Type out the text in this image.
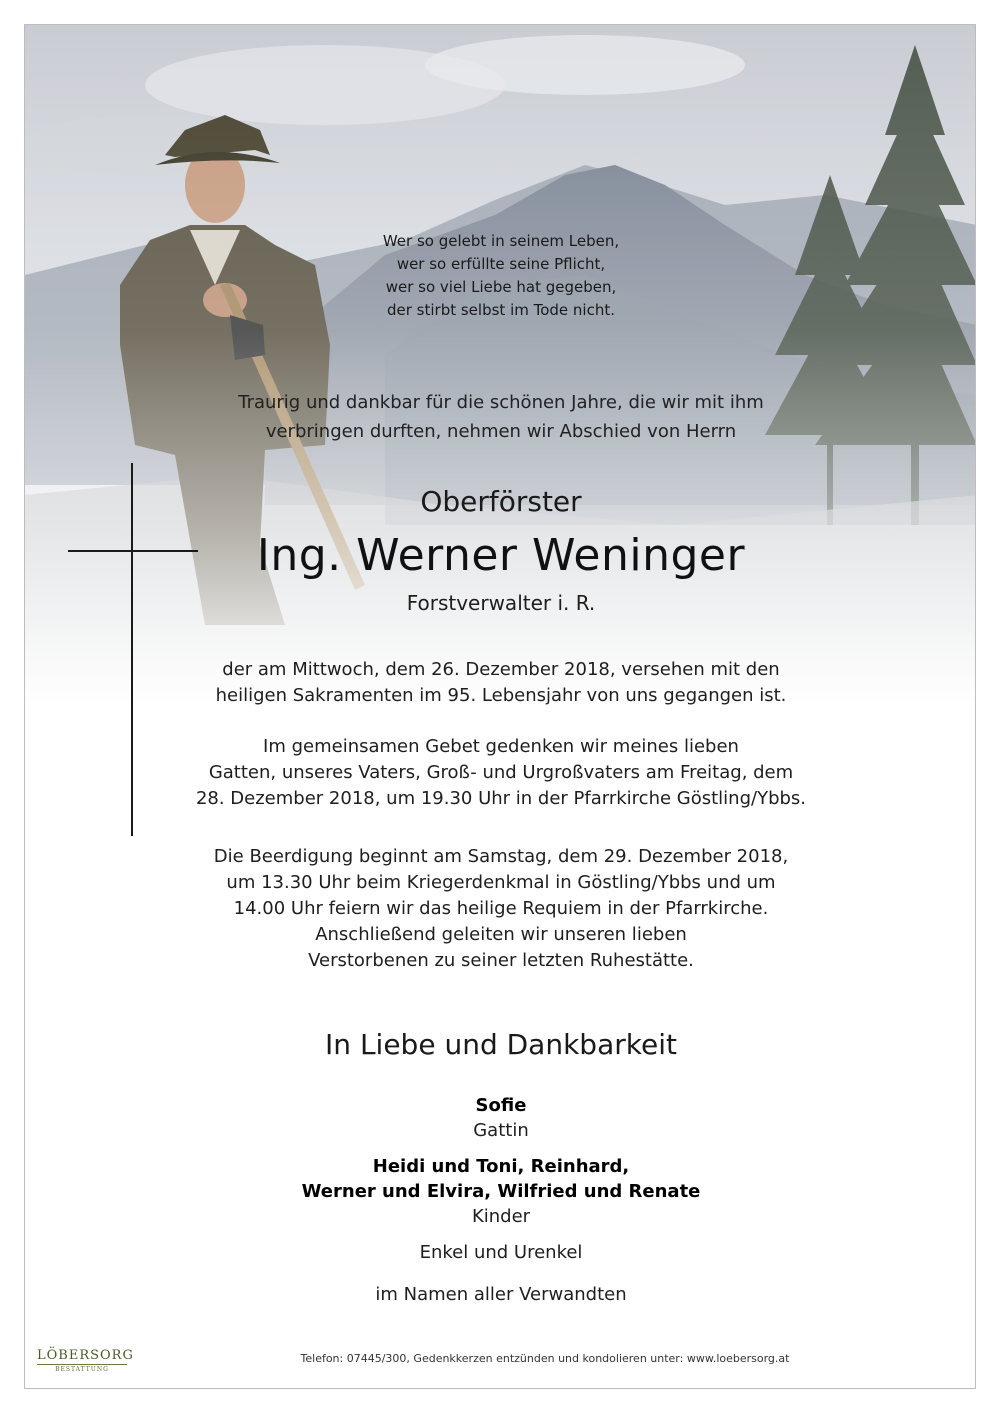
Wer so gelebt in seinem Leben,
wer so erfüllte seine Pflicht,
wer so viel Liebe hat gegeben,
der stirbt selbst im Tode nicht.
Traurig und dankbar für die schönen Jahre, die wir mit ihm
verbringen durften, nehmen wir Abschied von Herrn
Oberförster
Ing. Werner Weninger
Forstverwalter i. R.
der am Mittwoch, dem 26. Dezember 2018, versehen mit den
heiligen Sakramenten im 95. Lebensjahr von uns gegangen ist.
Im gemeinsamen Gebet gedenken wir meines lieben
Gatten, unseres Vaters, Groß- und Urgroßvaters am Freitag, dem
28. Dezember 2018, um 19.30 Uhr in der Pfarrkirche Göstling/Ybbs.
Die Beerdigung beginnt am Samstag, dem 29. Dezember 2018,
um 13.30 Uhr beim Kriegerdenkmal in Göstling/Ybbs und um
14.00 Uhr feiern wir das heilige Requiem in der Pfarrkirche.
Anschließend geleiten wir unseren lieben
Verstorbenen zu seiner letzten Ruhestätte.
In Liebe und Dankbarkeit
Sofie
Gattin
Heidi und Toni, Reinhard,
Werner und Elvira, Wilfried und Renate
Kinder
Enkel und Urenkel
im Namen aller Verwandten
LÖBERSORG
BESTATTUNG
Telefon: 07445/300, Gedenkkerzen entzünden und kondolieren unter: www.loebersorg.at
